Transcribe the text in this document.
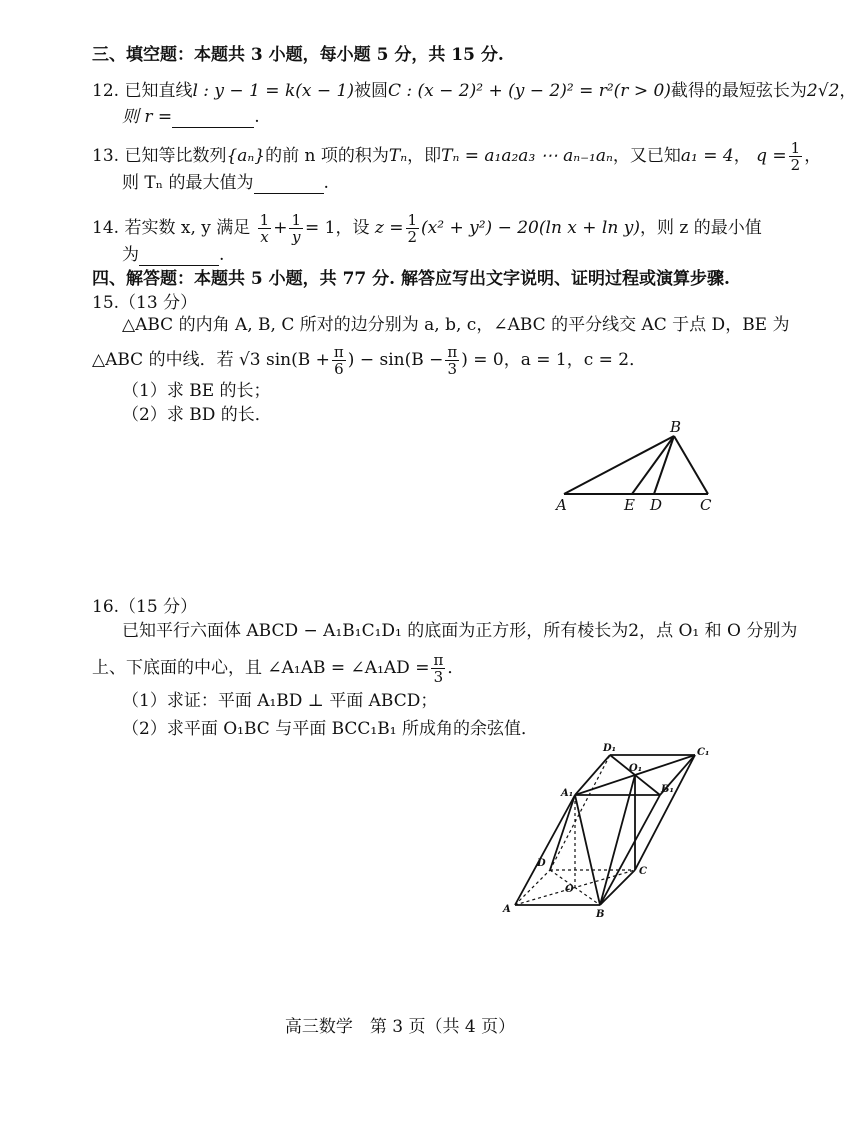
三、填空题：本题共 3 小题，每小题 5 分，共 15 分.
12. 已知直线l : y − 1 = k(x − 1)被圆C : (x − 2)² + (y − 2)² = r²(r > 0)截得的最短弦长为2√2，
则 r =	.
13. 已知等比数列{aₙ}的前 n 项的积为Tₙ，即Tₙ = a₁a₂a₃ ⋯ aₙ₋₁aₙ，又已知a₁ = 4， $q = \frac{1}{2}$ ，
则 Tₙ 的最大值为	.
14. 若实数 x, y 满足 $\frac{1}{x} + \frac{1}{y} = 1$，设 $z = \frac{1}{2} (x^2 + y^2) - 20(\ln$ x + ln y)，则 z 的最小值
为	.
四、解答题：本题共 5 小题，共 77 分. 解答应写出文字说明、证明过程或演算步骤.
15.（13 分）
△ABC 的内角 A, B, C 所对的边分别为 a, b, c，∠ABC 的平分线交 AC 于点 D，BE 为
△ABC 的中线．若 √3 $\sin(B + \frac{\pi}{6}$ ) − $\sin(B - \frac{\pi}{3}$ ) = 0，a = 1，c = 2．
（1）求 BE 的长；
（2）求 BD 的长．
A
B
C
D
E
16.（15 分）
已知平行六面体 ABCD − A₁B₁C₁D₁ 的底面为正方形，所有棱长为2，点 O₁ 和 O 分别为
上、下底面的中心，且 ∠A₁AB = ∠A₁AD = $\frac{\pi}{3}$ ．
（1）求证：平面 A₁BD ⊥ 平面 ABCD；
（2）求平面 O₁BC 与平面 BCC₁B₁ 所成角的余弦值．
A	B
C
D
O
A₁	B₁
C₁
D₁
O₁
高三数学　第 3 页（共 4 页）
